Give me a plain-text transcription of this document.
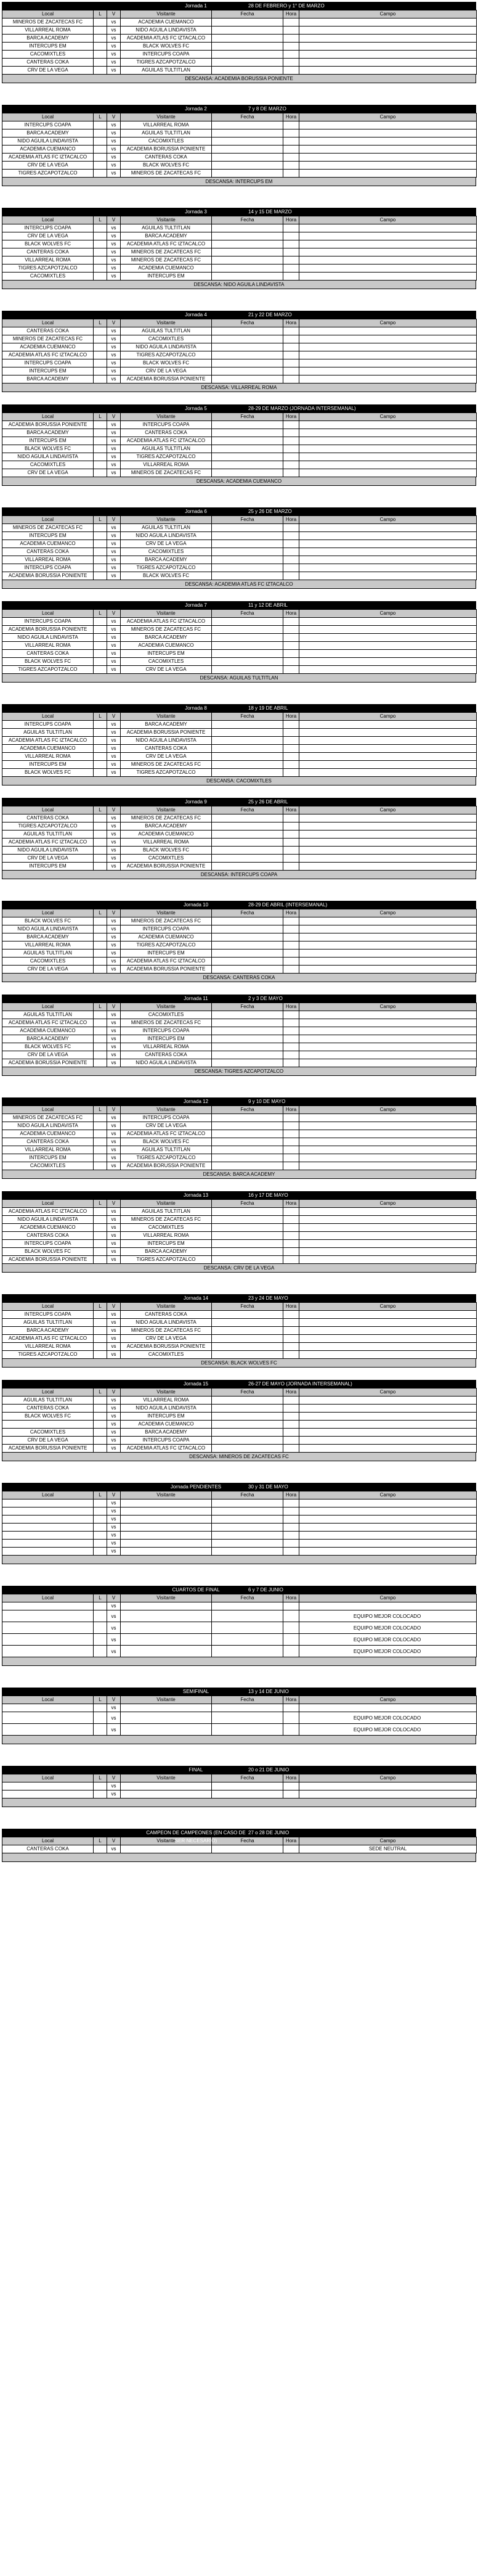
Jornada 1	28 DE FEBRERO y 1° DE MARZO
Local	L	V	Visitante	Fecha	Hora	Campo
MINEROS DE ZACATECAS FC		vs	ACADEMIA CUEMANCO			
VILLARREAL ROMA		vs	NIDO AGUILA LINDAVISTA			
BARCA ACADEMY		vs	ACADEMIA ATLAS FC IZTACALCO			
INTERCUPS EM		vs	BLACK WOLVES FC			
CACOMIXTLES		vs	INTERCUPS COAPA			
CANTERAS COKA		vs	TIGRES AZCAPOTZALCO			
CRV DE LA VEGA		vs	AGUILAS TULTITLAN			
DESCANSA: ACADEMIA BORUSSIA PONIENTE
Jornada 2	7 y 8 DE MARZO
Local	L	V	Visitante	Fecha	Hora	Campo
INTERCUPS COAPA		vs	VILLARREAL ROMA			
BARCA ACADEMY		vs	AGUILAS TULTITLAN			
NIDO AGUILA LINDAVISTA		vs	CACOMIXTLES			
ACADEMIA CUEMANCO		vs	ACADEMIA BORUSSIA PONIENTE			
ACADEMIA ATLAS FC IZTACALCO		vs	CANTERAS COKA			
CRV DE LA VEGA		vs	BLACK WOLVES FC			
TIGRES AZCAPOTZALCO		vs	MINEROS DE ZACATECAS FC			
DESCANSA: INTERCUPS EM
Jornada 3	14 y 15 DE MARZO
Local	L	V	Visitante	Fecha	Hora	Campo
INTERCUPS COAPA		vs	AGUILAS TULTITLAN			
CRV DE LA VEGA		vs	BARCA ACADEMY			
BLACK WOLVES FC		vs	ACADEMIA ATLAS FC IZTACALCO			
CANTERAS COKA		vs	MINEROS DE ZACATECAS FC			
VILLARREAL ROMA		vs	MINEROS DE ZACATECAS FC			
TIGRES AZCAPOTZALCO		vs	ACADEMIA CUEMANCO			
CACOMIXTLES		vs	INTERCUPS EM			
DESCANSA: NIDO AGUILA LINDAVISTA
Jornada 4	21 y 22 DE MARZO
Local	L	V	Visitante	Fecha	Hora	Campo
CANTERAS COKA		vs	AGUILAS TULTITLAN			
MINEROS DE ZACATECAS FC		vs	CACOMIXTLES			
ACADEMIA CUEMANCO		vs	NIDO AGUILA LINDAVISTA			
ACADEMIA ATLAS FC IZTACALCO		vs	TIGRES AZCAPOTZALCO			
INTERCUPS COAPA		vs	BLACK WOLVES FC			
INTERCUPS EM		vs	CRV DE LA VEGA			
BARCA ACADEMY		vs	ACADEMIA BORUSSIA PONIENTE			
DESCANSA: VILLARREAL ROMA
Jornada 5	28-29 DE MARZO (JORNADA INTERSEMANAL)
Local	L	V	Visitante	Fecha	Hora	Campo
ACADEMIA BORUSSIA PONIENTE		vs	INTERCUPS COAPA			
BARCA ACADEMY		vs	CANTERAS COKA			
INTERCUPS EM		vs	ACADEMIA ATLAS FC IZTACALCO			
BLACK WOLVES FC		vs	AGUILAS TULTITLAN			
NIDO AGUILA LINDAVISTA		vs	TIGRES AZCAPOTZALCO			
CACOMIXTLES		vs	VILLARREAL ROMA			
CRV DE LA VEGA		vs	MINEROS DE ZACATECAS FC			
DESCANSA: ACADEMIA CUEMANCO
Jornada 6	25 y 26 DE MARZO
Local	L	V	Visitante	Fecha	Hora	Campo
MINEROS DE ZACATECAS FC		vs	AGUILAS TULTITLAN			
INTERCUPS EM		vs	NIDO AGUILA LINDAVISTA			
ACADEMIA CUEMANCO		vs	CRV DE LA VEGA			
CANTERAS COKA		vs	CACOMIXTLES			
VILLARREAL ROMA		vs	BARCA ACADEMY			
INTERCUPS COAPA		vs	TIGRES AZCAPOTZALCO			
ACADEMIA BORUSSIA PONIENTE		vs	BLACK WOLVES FC			
DESCANSA: ACADEMIA ATLAS FC IZTACALCO
Jornada 7	11 y 12 DE ABRIL
Local	L	V	Visitante	Fecha	Hora	Campo
INTERCUPS COAPA		vs	ACADEMIA ATLAS FC IZTACALCO			
ACADEMIA BORUSSIA PONIENTE		vs	MINEROS DE ZACATECAS FC			
NIDO AGUILA LINDAVISTA		vs	BARCA ACADEMY			
VILLARREAL ROMA		vs	ACADEMIA CUEMANCO			
CANTERAS COKA		vs	INTERCUPS EM			
BLACK WOLVES FC		vs	CACOMIXTLES			
TIGRES AZCAPOTZALCO		vs	CRV DE LA VEGA			
DESCANSA: AGUILAS TULTITLAN
Jornada 8	18 y 19 DE ABRIL
Local	L	V	Visitante	Fecha	Hora	Campo
INTERCUPS COAPA		vs	BARCA ACADEMY			
AGUILAS TULTITLAN		vs	ACADEMIA BORUSSIA PONIENTE			
ACADEMIA ATLAS FC IZTACALCO		vs	NIDO AGUILA LINDAVISTA			
ACADEMIA CUEMANCO		vs	CANTERAS COKA			
VILLARREAL ROMA		vs	CRV DE LA VEGA			
INTERCUPS EM		vs	MINEROS DE ZACATECAS FC			
BLACK WOLVES FC		vs	TIGRES AZCAPOTZALCO			
DESCANSA: CACOMIXTLES
Jornada 9	25 y 26 DE ABRIL
Local	L	V	Visitante	Fecha	Hora	Campo
CANTERAS COKA		vs	MINEROS DE ZACATECAS FC			
TIGRES AZCAPOTZALCO		vs	BARCA ACADEMY			
AGUILAS TULTITLAN		vs	ACADEMIA CUEMANCO			
ACADEMIA ATLAS FC IZTACALCO		vs	VILLARREAL ROMA			
NIDO AGUILA LINDAVISTA		vs	BLACK WOLVES FC			
CRV DE LA VEGA		vs	CACOMIXTLES			
INTERCUPS EM		vs	ACADEMIA BORUSSIA PONIENTE			
DESCANSA: INTERCUPS COAPA
Jornada 10	28-29 DE ABRIL (INTERSEMANAL)
Local	L	V	Visitante	Fecha	Hora	Campo
BLACK WOLVES FC		vs	MINEROS DE ZACATECAS FC			
NIDO AGUILA LINDAVISTA		vs	INTERCUPS COAPA			
BARCA ACADEMY		vs	ACADEMIA CUEMANCO			
VILLARREAL ROMA		vs	TIGRES AZCAPOTZALCO			
AGUILAS TULTITLAN		vs	INTERCUPS EM			
CACOMIXTLES		vs	ACADEMIA ATLAS FC IZTACALCO			
CRV DE LA VEGA		vs	ACADEMIA BORUSSIA PONIENTE			
DESCANSA: CANTERAS COKA
Jornada 11	2 y 3 DE MAYO
Local	L	V	Visitante	Fecha	Hora	Campo
AGUILAS TULTITLAN		vs	CACOMIXTLES			
ACADEMIA ATLAS FC IZTACALCO		vs	MINEROS DE ZACATECAS FC			
ACADEMIA CUEMANCO		vs	INTERCUPS COAPA			
BARCA ACADEMY		vs	INTERCUPS EM			
BLACK WOLVES FC		vs	VILLARREAL ROMA			
CRV DE LA VEGA		vs	CANTERAS COKA			
ACADEMIA BORUSSIA PONIENTE		vs	NIDO AGUILA LINDAVISTA			
DESCANSA: TIGRES AZCAPOTZALCO
Jornada 12	9 y 10 DE MAYO
Local	L	V	Visitante	Fecha	Hora	Campo
MINEROS DE ZACATECAS FC		vs	INTERCUPS COAPA			
NIDO AGUILA LINDAVISTA		vs	CRV DE LA VEGA			
ACADEMIA CUEMANCO		vs	ACADEMIA ATLAS FC IZTACALCO			
CANTERAS COKA		vs	BLACK WOLVES FC			
VILLARREAL ROMA		vs	AGUILAS TULTITLAN			
INTERCUPS EM		vs	TIGRES AZCAPOTZALCO			
CACOMIXTLES		vs	ACADEMIA BORUSSIA PONIENTE			
DESCANSA: BARCA ACADEMY
Jornada 13	16 y 17 DE MAYO
Local	L	V	Visitante	Fecha	Hora	Campo
ACADEMIA ATLAS FC IZTACALCO		vs	AGUILAS TULTITLAN			
NIDO AGUILA LINDAVISTA		vs	MINEROS DE ZACATECAS FC			
ACADEMIA CUEMANCO		vs	CACOMIXTLES			
CANTERAS COKA		vs	VILLARREAL ROMA			
INTERCUPS COAPA		vs	INTERCUPS EM			
BLACK WOLVES FC		vs	BARCA ACADEMY			
ACADEMIA BORUSSIA PONIENTE		vs	TIGRES AZCAPOTZALCO			
DESCANSA: CRV DE LA VEGA
Jornada 14	23 y 24 DE MAYO
Local	L	V	Visitante	Fecha	Hora	Campo
INTERCUPS COAPA		vs	CANTERAS COKA			
AGUILAS TULTITLAN		vs	NIDO AGUILA LINDAVISTA			
BARCA ACADEMY		vs	MINEROS DE ZACATECAS FC			
ACADEMIA ATLAS FC IZTACALCO		vs	CRV DE LA VEGA			
VILLARREAL ROMA		vs	ACADEMIA BORUSSIA PONIENTE			
TIGRES AZCAPOTZALCO		vs	CACOMIXTLES			
DESCANSA: BLACK WOLVES FC
Jornada 15	26-27 DE MAYO (JORNADA INTERSEMANAL)
Local	L	V	Visitante	Fecha	Hora	Campo
AGUILAS TULTITLAN		vs	VILLARREAL ROMA			
CANTERAS COKA		vs	NIDO AGUILA LINDAVISTA			
BLACK WOLVES FC		vs	INTERCUPS EM			
		vs	ACADEMIA CUEMANCO			
CACOMIXTLES		vs	BARCA ACADEMY			
CRV DE LA VEGA		vs	INTERCUPS COAPA			
ACADEMIA BORUSSIA PONIENTE		vs	ACADEMIA ATLAS FC IZTACALCO			
DESCANSA: MINEROS DE ZACATECAS FC
Jornada PENDIENTES	30 y 31 DE MAYO
Local	L	V	Visitante	Fecha	Hora	Campo
		vs				
		vs				
		vs				
		vs				
		vs				
		vs				
		vs				
CUARTOS DE FINAL	6 y 7 DE JUNIO
Local	L	V	Visitante	Fecha	Hora	Campo
		vs				
		vs				EQUIPO MEJOR COLOCADO
		vs				EQUIPO MEJOR COLOCADO
		vs				EQUIPO MEJOR COLOCADO
		vs				EQUIPO MEJOR COLOCADO
SEMIFINAL	13 y 14 DE JUNIO
Local	L	V	Visitante	Fecha	Hora	Campo
		vs				
		vs				EQUIPO MEJOR COLOCADO
		vs				EQUIPO MEJOR COLOCADO
FINAL	20 o 21 DE JUNIO
Local	L	V	Visitante	Fecha	Hora	Campo
		vs				
		vs				
CAMPEON DE CAMPEONES (EN CASO DE SER NECESARIO)
27 o 28 DE JUNIO
Local	L	V	Visitante	Fecha	Hora	Campo
CANTERAS COKA		vs				SEDE NEUTRAL
